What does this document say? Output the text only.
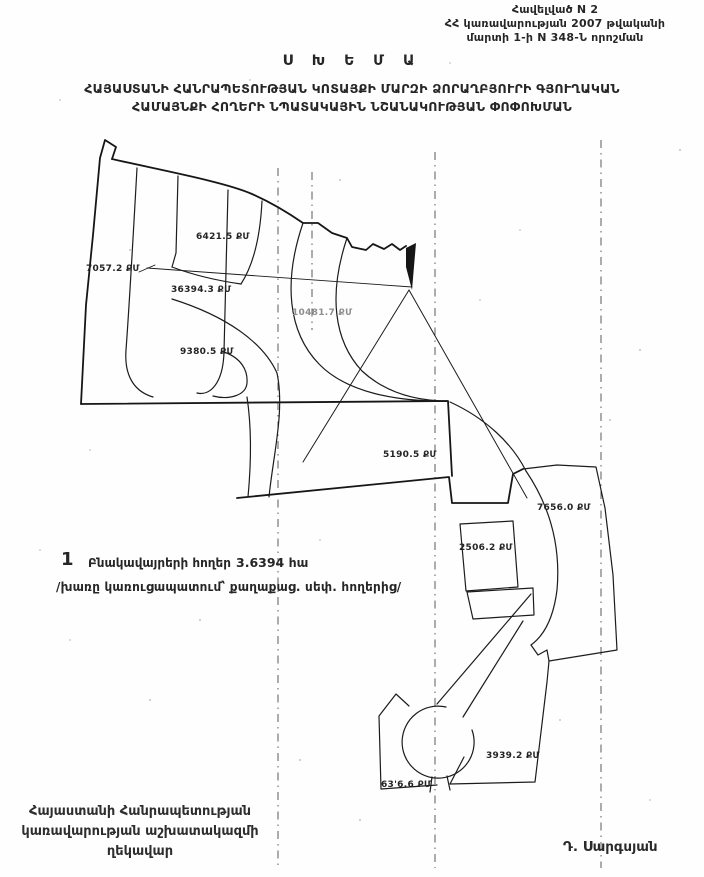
7057.2 ՔՄ
6421.5 ՔՄ
36394.3 ՔՄ
10481.7 ՔՄ
9380.5 ՔՄ
5190.5 ՔՄ
7656.0 ՔՄ
2506.2 ՔՄ
3939.2 ՔՄ
63'6.6 ՔՄ
Հավելված N 2
ՀՀ կառավարության 2007 թվականի
մարտի 1-ի N 348-Ն որոշման
Ս Խ Ե Մ Ա
ՀԱՅԱՍՏԱՆԻ ՀԱՆՐԱՊԵՏՈՒԹՅԱՆ ԿՈՏԱՅՔԻ ՄԱՐԶԻ ՁՈՐԱՂԲՅՈՒՐԻ ԳՅՈՒՂԱԿԱՆ
ՀԱՄԱՅՆՔԻ ՀՈՂԵՐԻ ՆՊԱՏԱԿԱՅԻՆ ՆՇԱՆԱԿՈՒԹՅԱՆ ՓՈՓՈԽՄԱՆ
1 Բնակավայրերի հողեր 3.6394 հա
/խառը կառուցապատում՝ քաղաքաց. սեփ. հողերից/
Հայաստանի Հանրապետության
կառավարության աշխատակազմի
ղեկավար	Դ. Սարգսյան
